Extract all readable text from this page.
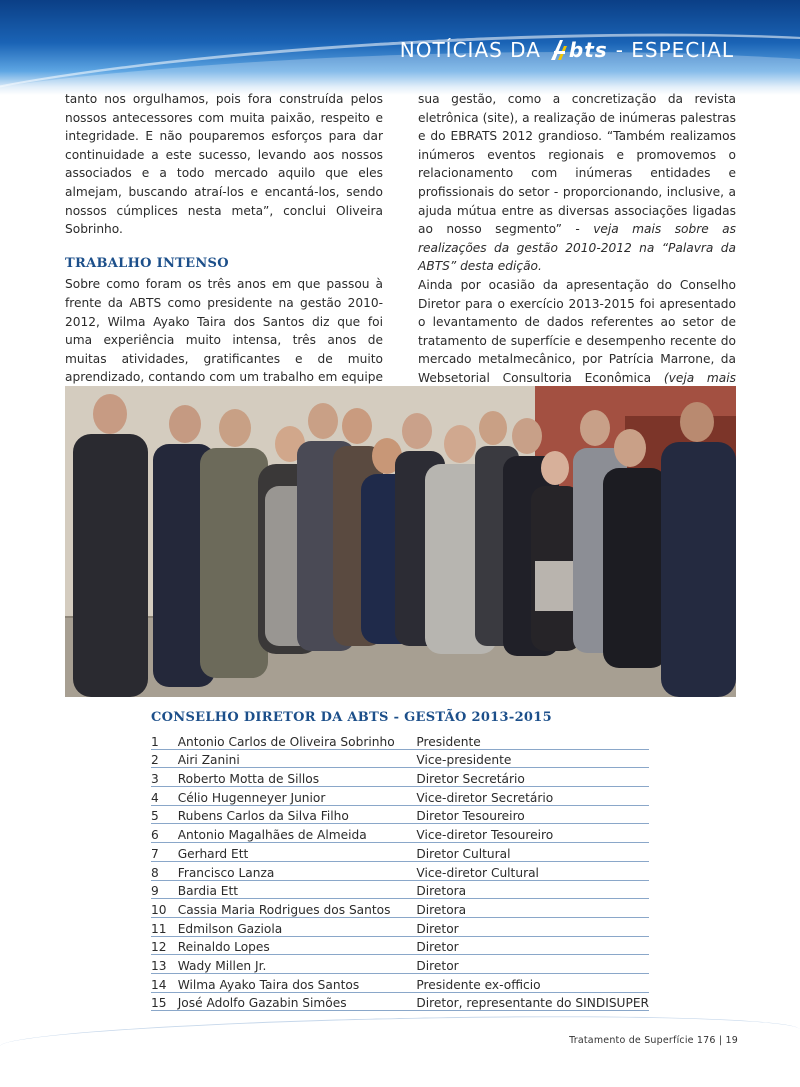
NOTÍCIAS DA bts - ESPECIAL

tanto nos orgulhamos, pois fora construída pelos nossos antecessores com muita paixão, respeito e integridade. E não pouparemos esforços para dar continuidade a este sucesso, levando aos nossos associados e a todo mercado aquilo que eles almejam, buscando atraí-los e encantá-los, sendo nossos cúmplices nesta meta”, conclui Oliveira Sobrinho.

TRABALHO INTENSO

Sobre como foram os três anos em que passou à frente da ABTS como presidente na gestão 2010-2012, Wilma Ayako Taira dos Santos diz que foi uma experiência muito intensa, três anos de muitas atividades, gratificantes e de muito aprendizado, contando com um trabalho em equipe

sua gestão, como a concretização da revista eletrônica (site), a realização de inúmeras palestras e do EBRATS 2012 grandioso. “Também realizamos inúmeros eventos regionais e promovemos o relacionamento com inúmeras entidades e profissionais do setor - proporcionando, inclusive, a ajuda mútua entre as diversas associações ligadas ao nosso segmento” - veja mais sobre as realizações da gestão 2010-2012 na “Palavra da ABTS” desta edição.

Ainda por ocasião da apresentação do Conselho Diretor para o exercício 2013-2015 foi apresentado o levantamento de dados referentes ao setor de tratamento de superfície e desempenho recente do mercado metalmecânico, por Patrícia Marrone, da Websetorial Consultoria Econômica (veja mais

CONSELHO DIRETOR DA ABTS - GESTÃO 2013-2015
1	Antonio Carlos de Oliveira Sobrinho	Presidente
2	Airi Zanini	Vice-presidente
3	Roberto Motta de Sillos	Diretor Secretário
4	Célio Hugenneyer Junior	Vice-diretor Secretário
5	Rubens Carlos da Silva Filho	Diretor Tesoureiro
6	Antonio Magalhães de Almeida	Vice-diretor Tesoureiro
7	Gerhard Ett	Diretor Cultural
8	Francisco Lanza	Vice-diretor Cultural
9	Bardia Ett	Diretora
10	Cassia Maria Rodrigues dos Santos	Diretora
11	Edmilson Gaziola	Diretor
12	Reinaldo Lopes	Diretor
13	Wady Millen Jr.	Diretor
14	Wilma Ayako Taira dos Santos	Presidente ex-officio
15	José Adolfo Gazabin Simões	Diretor, representante do SINDISUPER
Tratamento de Superfície 176 | 19
